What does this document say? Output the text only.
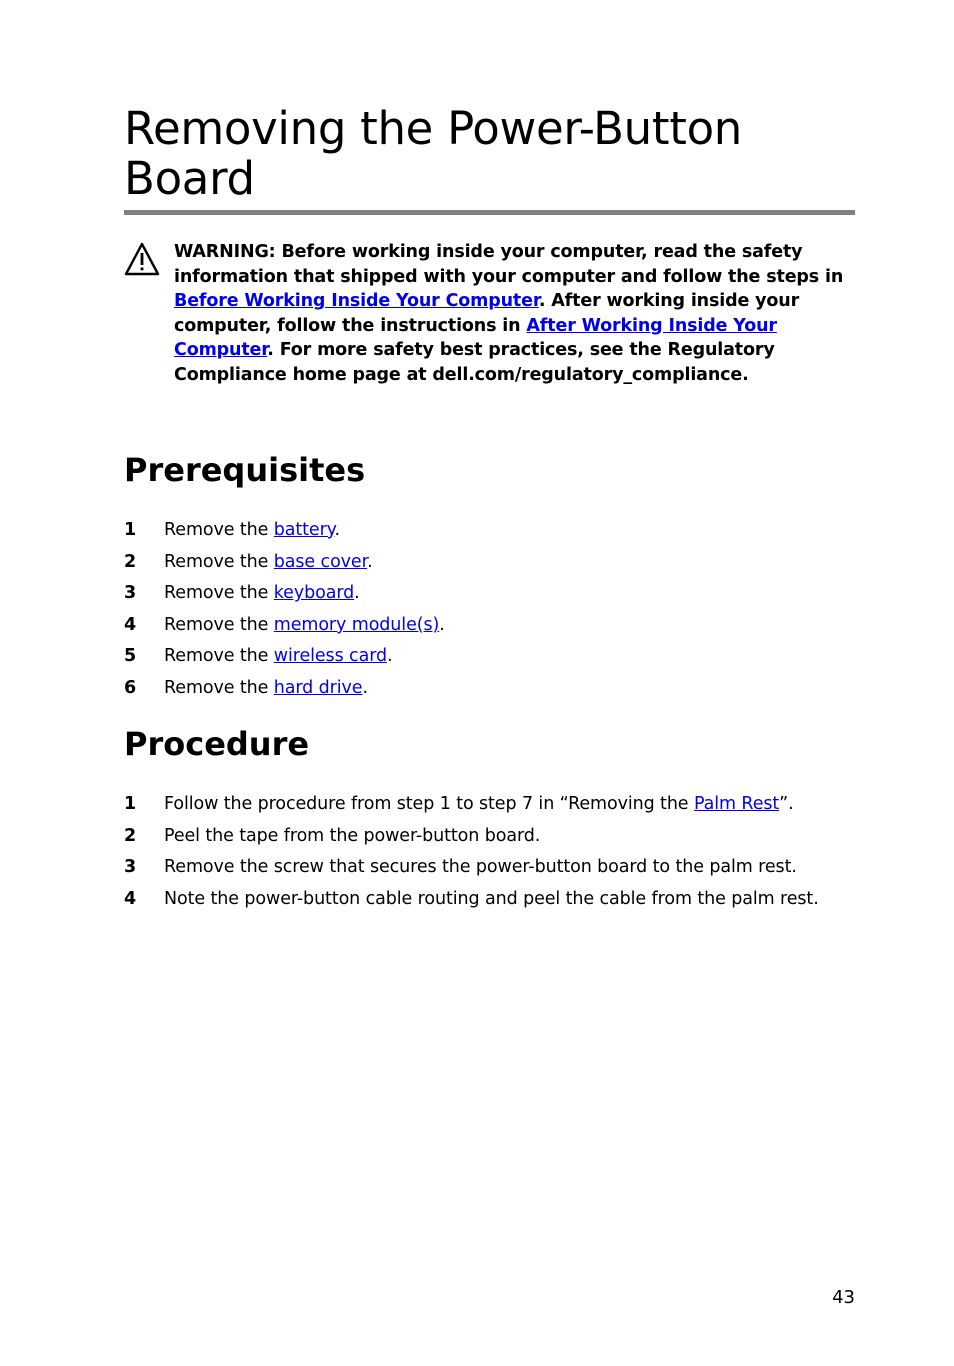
Removing the Power-Button Board

WARNING: Before working inside your computer, read the safety information that shipped with your computer and follow the steps in Before Working Inside Your Computer. After working inside your computer, follow the instructions in After Working Inside Your Computer. For more safety best practices, see the Regulatory Compliance home page at dell.com/regulatory_compliance.

Prerequisites
1 Remove the battery.
2 Remove the base cover.
3 Remove the keyboard.
4 Remove the memory module(s).
5 Remove the wireless card.
6 Remove the hard drive.
Procedure
1 Follow the procedure from step 1 to step 7 in “Removing the Palm Rest”.
2 Peel the tape from the power-button board.
3 Remove the screw that secures the power-button board to the palm rest.
4 Note the power-button cable routing and peel the cable from the palm rest.
43
